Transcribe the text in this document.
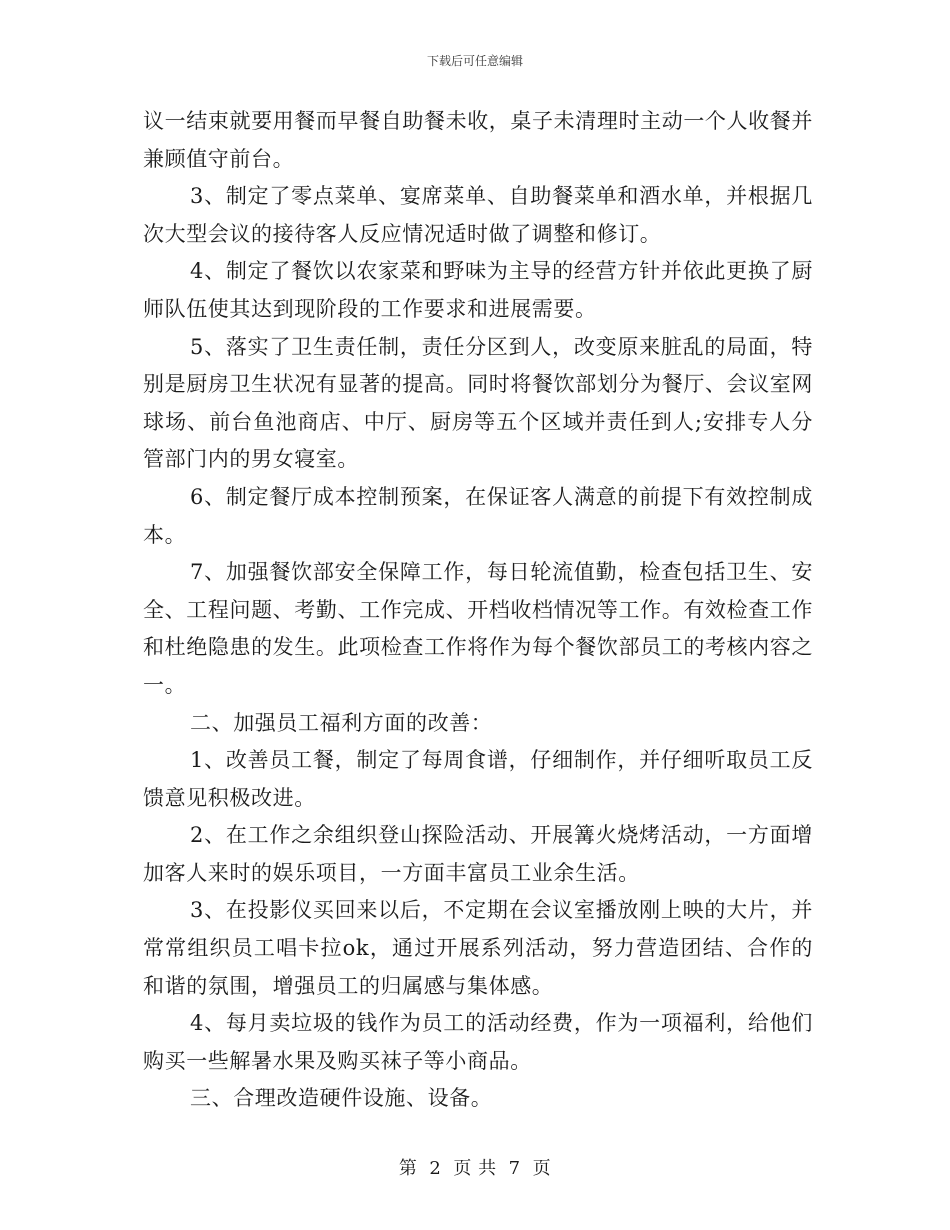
下载后可任意编辑

议一结束就要用餐而早餐自助餐未收，桌子未清理时主动一个人收餐并兼顾值守前台。

3、制定了零点菜单、宴席菜单、自助餐菜单和酒水单，并根据几次大型会议的接待客人反应情况适时做了调整和修订。

4、制定了餐饮以农家菜和野味为主导的经营方针并依此更换了厨师队伍使其达到现阶段的工作要求和进展需要。

5、落实了卫生责任制，责任分区到人，改变原来脏乱的局面，特别是厨房卫生状况有显著的提高。同时将餐饮部划分为餐厅、会议室网球场、前台鱼池商店、中厅、厨房等五个区域并责任到人;安排专人分管部门内的男女寝室。

6、制定餐厅成本控制预案，在保证客人满意的前提下有效控制成本。

7、加强餐饮部安全保障工作，每日轮流值勤，检查包括卫生、安全、工程问题、考勤、工作完成、开档收档情况等工作。有效检查工作和杜绝隐患的发生。此项检查工作将作为每个餐饮部员工的考核内容之一。

二、加强员工福利方面的改善：

1、改善员工餐，制定了每周食谱，仔细制作，并仔细听取员工反馈意见积极改进。

2、在工作之余组织登山探险活动、开展篝火烧烤活动，一方面增加客人来时的娱乐项目，一方面丰富员工业余生活。

3、在投影仪买回来以后，不定期在会议室播放刚上映的大片，并常常组织员工唱卡拉ok，通过开展系列活动，努力营造团结、合作的和谐的氛围，增强员工的归属感与集体感。

4、每月卖垃圾的钱作为员工的活动经费，作为一项福利，给他们购买一些解暑水果及购买袜子等小商品。

三、合理改造硬件设施、设备。

第 2 页 共 7 页
